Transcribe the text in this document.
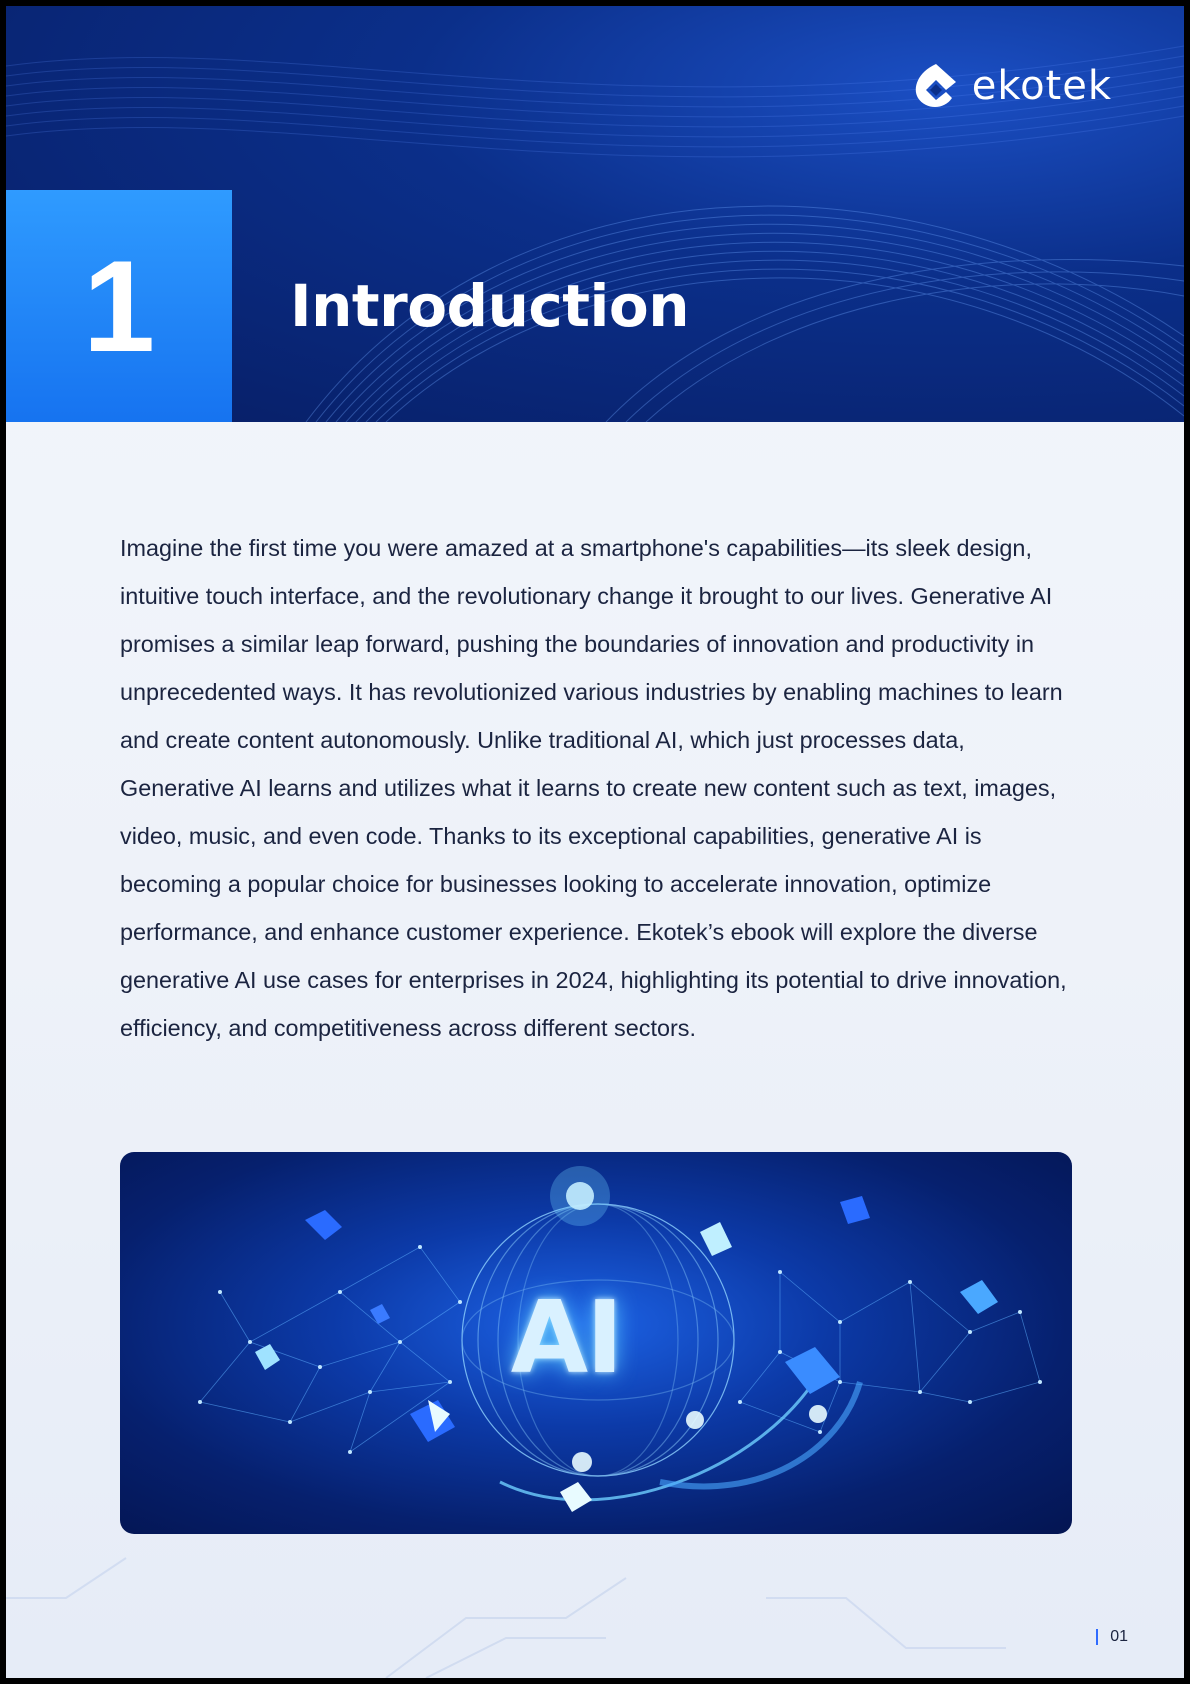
ekotek
1 Introduction

Imagine the first time you were amazed at a smartphone's capabilities—its sleek design, intuitive touch interface, and the revolutionary change it brought to our lives. Generative AI promises a similar leap forward, pushing the boundaries of innovation and productivity in unprecedented ways. It has revolutionized various industries by enabling machines to learn and create content autonomously. Unlike traditional AI, which just processes data, Generative AI learns and utilizes what it learns to create new content such as text, images, video, music, and even code. Thanks to its exceptional capabilities, generative AI is becoming a popular choice for businesses looking to accelerate innovation, optimize performance, and enhance customer experience. Ekotek’s ebook will explore the diverse generative AI use cases for enterprises in 2024, highlighting its potential to drive innovation, efficiency, and competitiveness across different sectors.

AI
01
